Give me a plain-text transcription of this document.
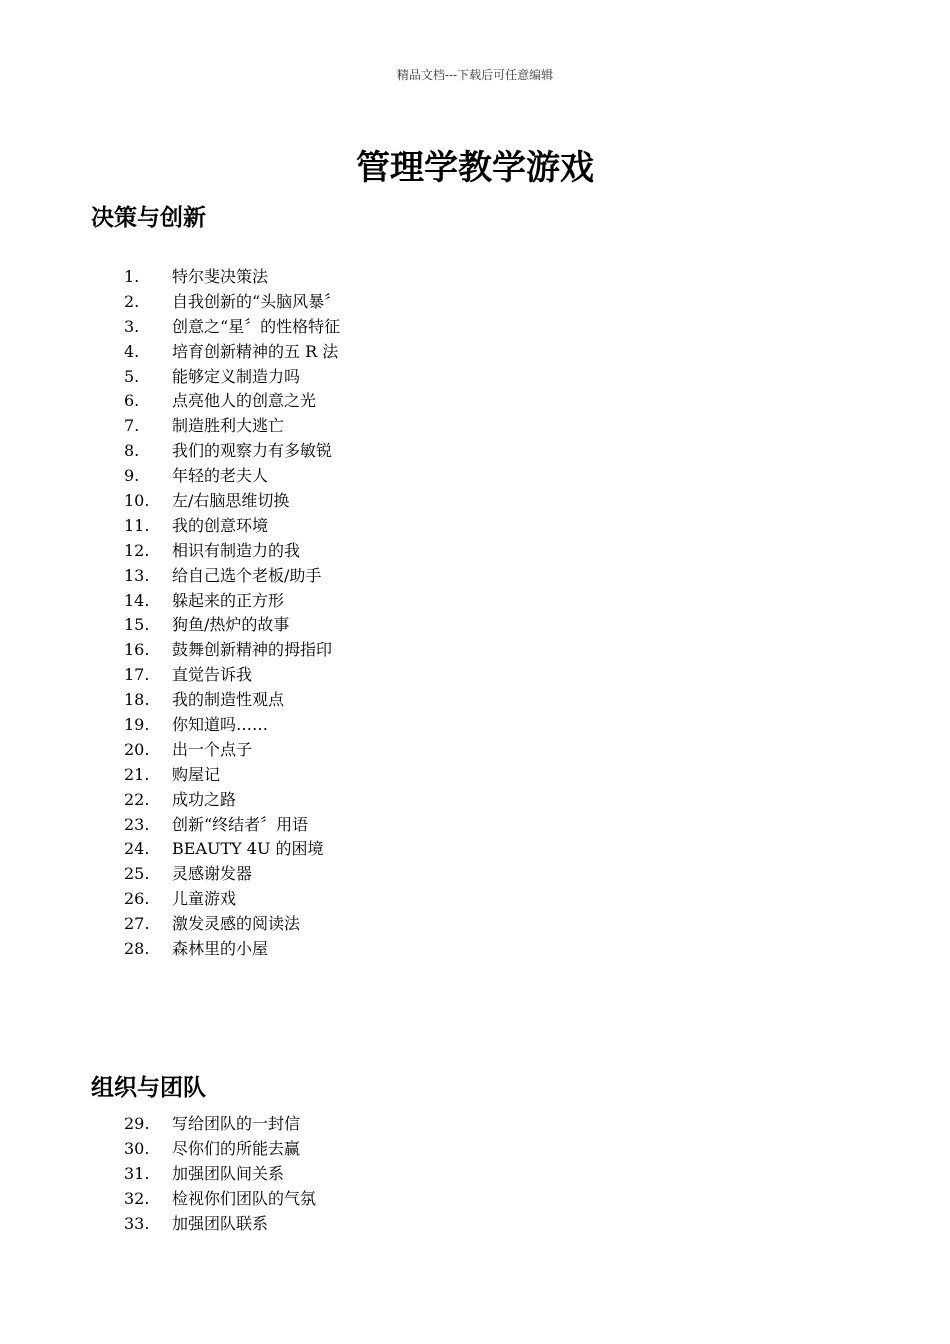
精品文档---下载后可任意编辑
管理学教学游戏
决策与创新
1. 特尔斐决策法
2. 自我创新的“头脑风暴〞
3. 创意之“星〞的性格特征
4. 培育创新精神的五 R 法
5. 能够定义制造力吗
6. 点亮他人的创意之光
7. 制造胜利大逃亡
8. 我们的观察力有多敏锐
9. 年轻的老夫人
10. 左/右脑思维切换
11. 我的创意环境
12. 相识有制造力的我
13. 给自己选个老板/助手
14. 躲起来的正方形
15. 狗鱼/热炉的故事
16. 鼓舞创新精神的拇指印
17. 直觉告诉我
18. 我的制造性观点
19. 你知道吗……
20. 出一个点子
21. 购屋记
22. 成功之路
23. 创新“终结者〞用语
24. BEAUTY 4U 的困境
25. 灵感谢发器
26. 儿童游戏
27. 激发灵感的阅读法
28. 森林里的小屋
组织与团队
29. 写给团队的一封信
30. 尽你们的所能去赢
31. 加强团队间关系
32. 检视你们团队的气氛
33. 加强团队联系
